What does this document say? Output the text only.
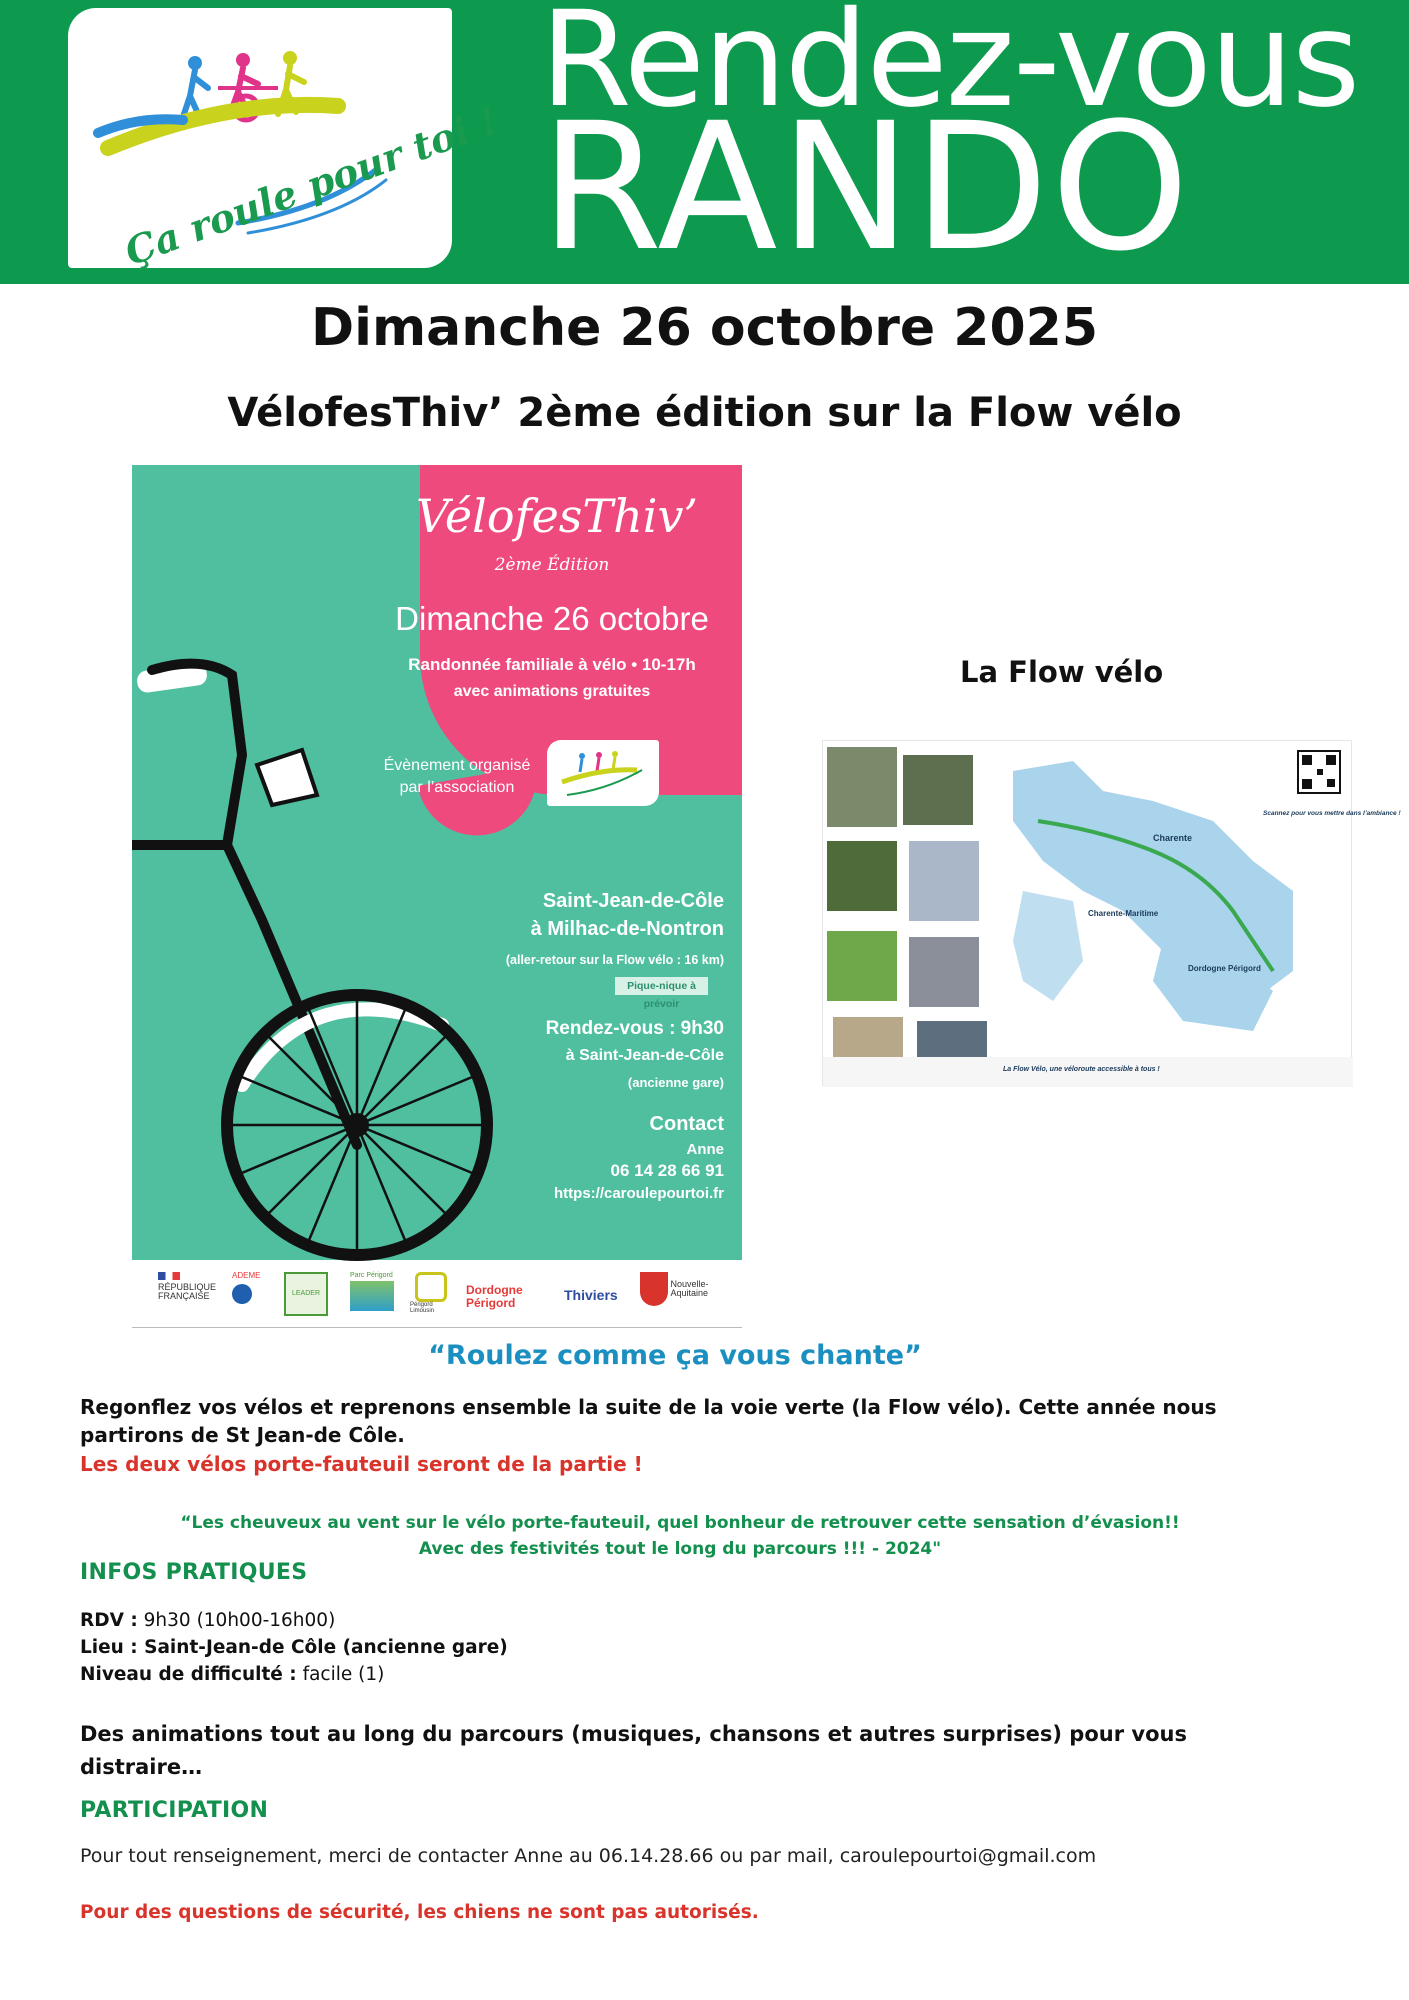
Ça roule pour toi !
Rendez-vous
RANDO
Dimanche 26 octobre 2025
VélofesThiv’ 2ème édition sur la Flow vélo
VélofesThiv’
2ème Édition
Dimanche 26 octobre
Randonnée familiale à vélo • 10-17h
avec animations gratuites
Évènement organisé par l’association
Saint-Jean-de-Côle
à Milhac-de-Nontron
(aller-retour sur la Flow vélo : 16 km)
Pique-nique à prévoir
Rendez-vous : 9h30
à Saint-Jean-de-Côle
(ancienne gare)
Contact
Anne
06 14 28 66 91
https://caroulepourtoi.fr
RÉPUBLIQUE FRANÇAISE
ADEME
LEADER
Parc Périgord
Périgord Limousin
Dordogne Périgord	Thiviers
Nouvelle-Aquitaine
La Flow vélo
Charente
Charente-Maritime
Dordogne Périgord
Scannez pour vous mettre dans l’ambiance !
La Flow Vélo, une véloroute accessible à tous !
“Roulez comme ça vous chante”
Regonflez vos vélos et reprenons ensemble la suite de la voie verte (la Flow vélo). Cette année nous partirons de St Jean-de Côle.
Les deux vélos porte-fauteuil seront de la partie !
“Les cheuveux au vent sur le vélo porte-fauteuil, quel bonheur de retrouver cette sensation d’évasion!!
Avec des festivités tout le long du parcours !!! - 2024"
INFOS PRATIQUES
RDV : 9h30 (10h00-16h00)
Lieu : Saint-Jean-de Côle (ancienne gare)
Niveau de difficulté : facile (1)
Des animations tout au long du parcours (musiques, chansons et autres surprises) pour vous distraire…
PARTICIPATION
Pour tout renseignement, merci de contacter Anne au 06.14.28.66 ou par mail, caroulepourtoi@gmail.com
Pour des questions de sécurité, les chiens ne sont pas autorisés.
